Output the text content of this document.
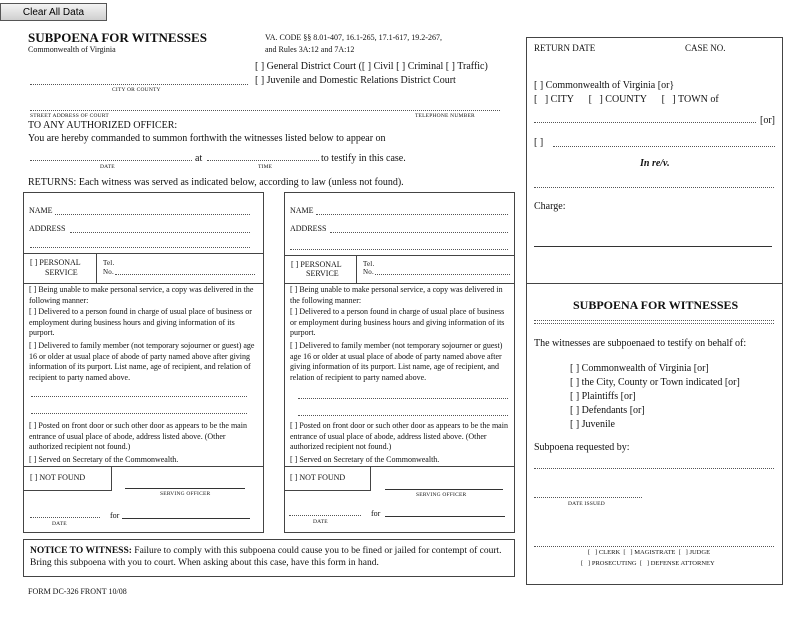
Clear All Data
SUBPOENA FOR WITNESSES
Commonwealth of Virginia
VA. CODE §§ 8.01-407, 16.1-265, 17.1-617, 19.2-267,
and Rules 3A:12 and 7A:12
[ ] General District Court ([ ] Civil [ ] Criminal [ ] Traffic)
[ ] Juvenile and Domestic Relations District Court
CITY OR COUNTY
STREET ADDRESS OF COURT	TELEPHONE NUMBER
TO ANY AUTHORIZED OFFICER:
You are hereby commanded to summon forthwith the witnesses listed below to appear on
at	to testify in this case.
DATE	TIME
RETURNS: Each witness was served as indicated below, according to law (unless not found).
NAME
ADDRESS
[ ] PERSONAL
SERVICE
Tel.
No.
[ ] Being unable to make personal service, a copy was delivered in the following manner:
[ ] Delivered to a person found in charge of usual place of business or employment during business hours and giving information of its purport.
[ ] Delivered to family member (not temporary sojourner or guest) age 16 or older at usual place of abode of party named above after giving information of its purport. List name, age of recipient, and relation of recipient to party named above.
[ ] Posted on front door or such other door as appears to be the main entrance of usual place of abode, address listed above. (Other authorized recipient not found.)
[ ] Served on Secretary of the Commonwealth.
[ ] NOT FOUND
SERVING OFFICER
for
DATE
NAME
ADDRESS
[ ] PERSONAL
SERVICE
Tel.
No.
[ ] Being unable to make personal service, a copy was delivered in the following manner:
[ ] Delivered to a person found in charge of usual place of business or employment during business hours and giving information of its purport.
[ ] Delivered to family member (not temporary sojourner or guest) age 16 or older at usual place of abode of party named above after giving information of its purport. List name, age of recipient, and relation of recipient to party named above.
[ ] Posted on front door or such other door as appears to be the main entrance of usual place of abode, address listed above. (Other authorized recipient not found.)
[ ] Served on Secretary of the Commonwealth.
[ ] NOT FOUND
SERVING OFFICER
for
DATE
NOTICE TO WITNESS: Failure to comply with this subpoena could cause you to be fined or jailed for contempt of court. Bring this subpoena with you to court. When asking about this case, have this form in hand.
FORM DC-326 FRONT 10/08
RETURN DATE	CASE NO.
[ ] Commonwealth of Virginia [or}
[   ] CITY      [   ] COUNTY      [   ] TOWN of
[or]
[ ]
In re/v.
Charge:
SUBPOENA FOR WITNESSES
The witnesses are subpoenaed to testify on behalf of:
[ ] Commonwealth of Virginia [or]
[ ] the City, County or Town indicated [or]
[ ] Plaintiffs [or]
[ ] Defendants [or]
[ ] Juvenile
Subpoena requested by:
DATE ISSUED
[   ] CLERK  [   ] MAGISTRATE  [   ] JUDGE
[   ] PROSECUTING  [   ] DEFENSE ATTORNEY
